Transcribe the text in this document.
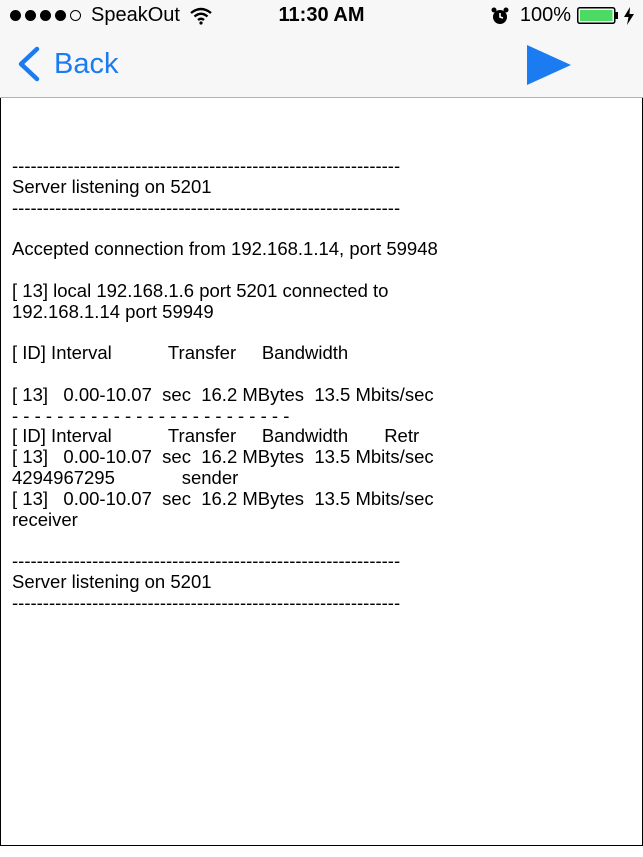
SpeakOut	11:30 AM	100%
Back
---------------------------------------------------------------
Server listening on 5201
---------------------------------------------------------------

Accepted connection from 192.168.1.14, port 59948

[ 13] local 192.168.1.6 port 5201 connected to
192.168.1.14 port 59949

[ ID] Interval           Transfer     Bandwidth

[ 13]   0.00-10.07  sec  16.2 MBytes  13.5 Mbits/sec
- - - - - - - - - - - - - - - - - - - - - - - - -
[ ID] Interval           Transfer     Bandwidth       Retr
[ 13]   0.00-10.07  sec  16.2 MBytes  13.5 Mbits/sec
4294967295             sender
[ 13]   0.00-10.07  sec  16.2 MBytes  13.5 Mbits/sec
receiver

---------------------------------------------------------------
Server listening on 5201
---------------------------------------------------------------
